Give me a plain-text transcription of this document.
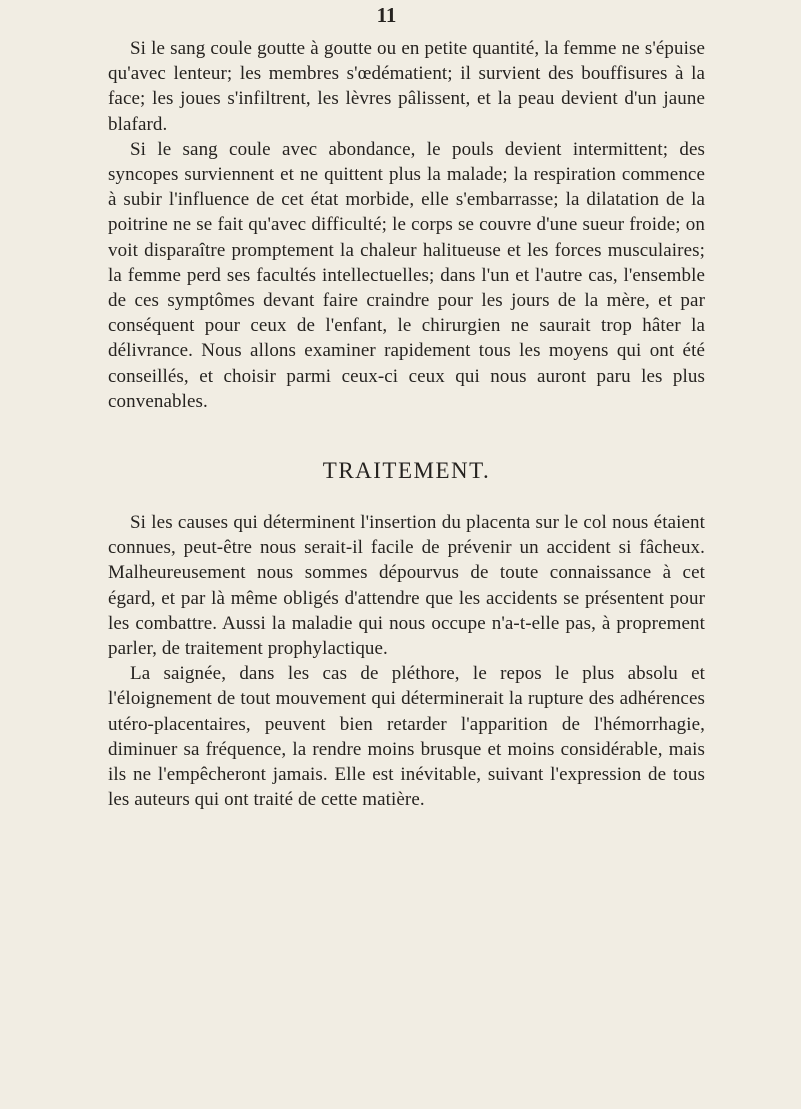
11

Si le sang coule goutte à goutte ou en petite quantité, la femme ne s'épuise qu'avec lenteur; les membres s'œdématient; il survient des bouffisures à la face; les joues s'infiltrent, les lèvres pâlissent, et la peau devient d'un jaune blafard.

Si le sang coule avec abondance, le pouls devient intermittent; des syncopes surviennent et ne quittent plus la malade; la respiration commence à subir l'influence de cet état morbide, elle s'embarrasse; la dilatation de la poitrine ne se fait qu'avec difficulté; le corps se couvre d'une sueur froide; on voit disparaître promptement la chaleur halitueuse et les forces musculaires; la femme perd ses facultés intellectuelles; dans l'un et l'autre cas, l'ensemble de ces symptômes devant faire craindre pour les jours de la mère, et par conséquent pour ceux de l'enfant, le chirurgien ne saurait trop hâter la délivrance. Nous allons examiner rapidement tous les moyens qui ont été conseillés, et choisir parmi ceux-ci ceux qui nous auront paru les plus convenables.

TRAITEMENT.

Si les causes qui déterminent l'insertion du placenta sur le col nous étaient connues, peut-être nous serait-il facile de prévenir un accident si fâcheux. Malheureusement nous sommes dépourvus de toute connaissance à cet égard, et par là même obligés d'attendre que les accidents se présentent pour les combattre. Aussi la maladie qui nous occupe n'a-t-elle pas, à proprement parler, de traitement prophylactique.

La saignée, dans les cas de pléthore, le repos le plus absolu et l'éloignement de tout mouvement qui déterminerait la rupture des adhérences utéro-placentaires, peuvent bien retarder l'apparition de l'hémorrhagie, diminuer sa fréquence, la rendre moins brusque et moins considérable, mais ils ne l'empêcheront jamais. Elle est inévitable, suivant l'expression de tous les auteurs qui ont traité de cette matière.
